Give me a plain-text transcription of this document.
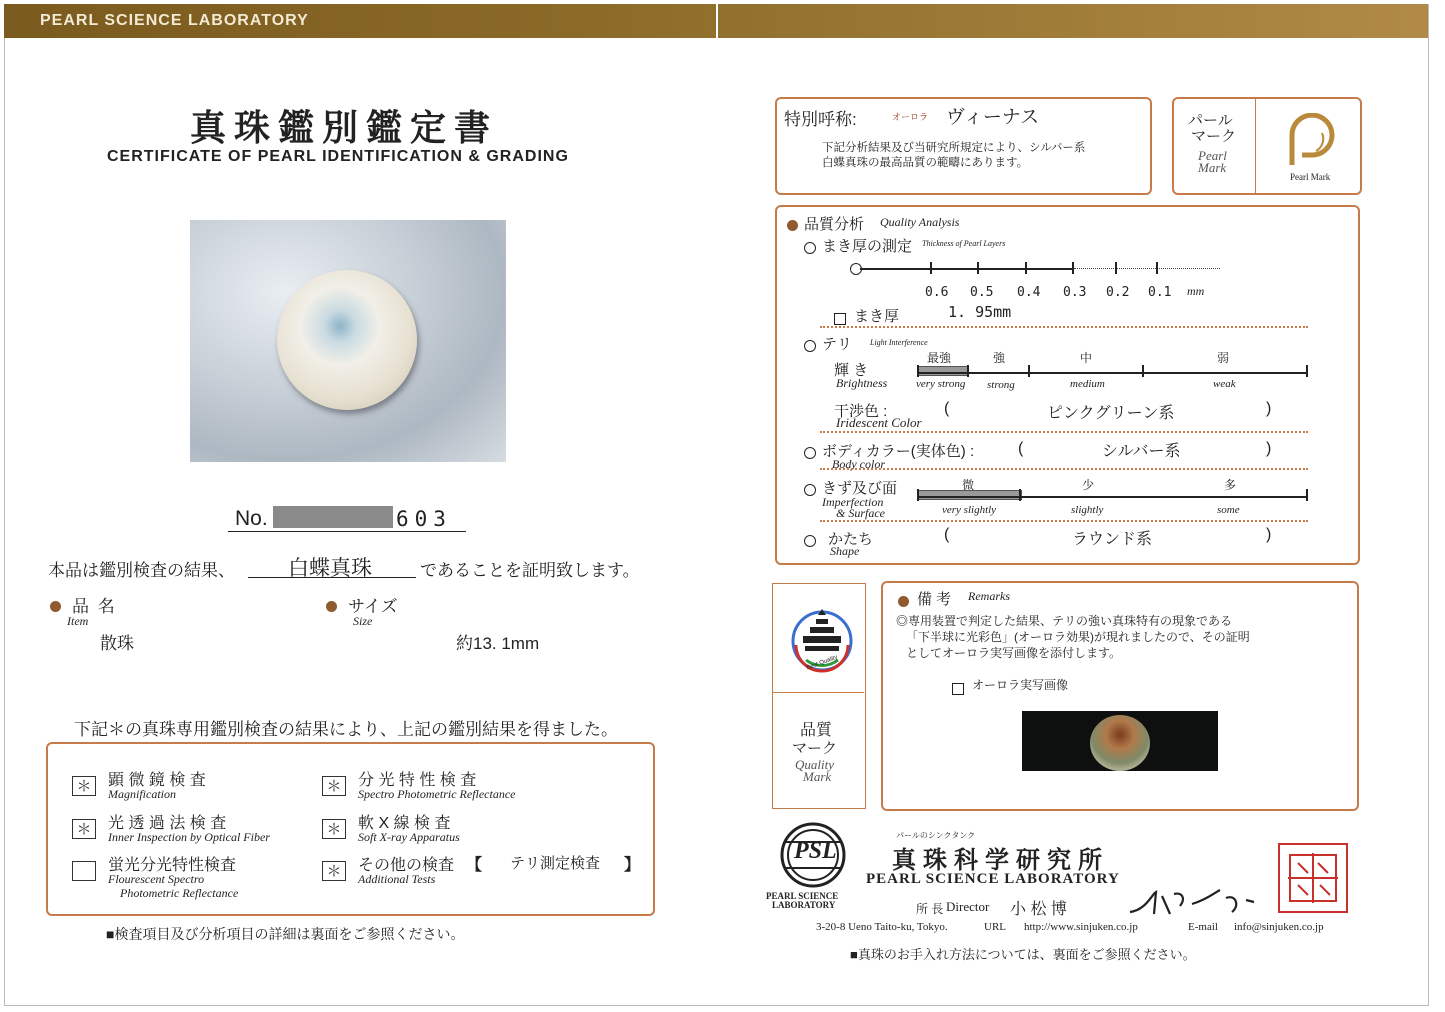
PEARL SCIENCE LABORATORY
真珠鑑別鑑定書
CERTIFICATE OF PEARL IDENTIFICATION & GRADING
No.	603
本品は鑑別検査の結果、	白蝶真珠	であることを証明致します。
品 名
Item
散珠
サイズ
Size
約13. 1mm
下記＊の真珠専用鑑別検査の結果により、上記の鑑別結果を得ました。
＊ 顕 微 鏡 検 査
Magnification
＊ 光 透 過 法 検 査
Inner Inspection by Optical Fiber
蛍光分光特性検査
Flourescent Spectro
Photometric Reflectance
＊ 分 光 特 性 検 査
Spectro Photometric Reflectance
＊ 軟 X 線 検 査
Soft X-ray Apparatus
＊ その他の検査 【 テリ測定検査 】
Additional Tests
■検査項目及び分析項目の詳細は裏面をご参照ください。
特別呼称:	オーロラ ヴィーナス
下記分析結果及び当研究所規定により、シルバー系
白蝶真珠の最高品質の範疇にあります。
パール
マーク
Pearl
Mark
Pearl Mark
品質分析 Quality Analysis
まき厚の測定 Thickness of Pearl Layers
0.6 0.5 0.4 0.3 0.2 0.1 mm
まき厚	1. 95mm
テリ Light Interference
輝 き
Brightness
最強	強	中	弱
very strong strong	medium	weak
干渉色 :
Iridescent Color
(	ピンクグリーン系	)
ボディカラー(実体色) :
Body color
(	シルバー系	)
きず及び面
Imperfection
& Surface
微	少	多
very slightly	slightly	some
かたち
Shape
(	ラウンド系	)
Best Quality
品質
マーク
Quality
Mark
備 考 Remarks
◎専用装置で判定した結果、テリの強い真珠特有の現象である
「下半球に光彩色」(オーロラ効果)が現れましたので、その証明
としてオーロラ実写画像を添付します。
オーロラ実写画像
PSL
PEARL SCIENCE
LABORATORY
パールのシンクタンク
真珠科学研究所
PEARL SCIENCE LABORATORY
所 長 Director 小 松 博
3-20-8 Ueno Taito-ku, Tokyo.	URL http://www.sinjuken.co.jp	E-mail info@sinjuken.co.jp
■真珠のお手入れ方法については、裏面をご参照ください。
